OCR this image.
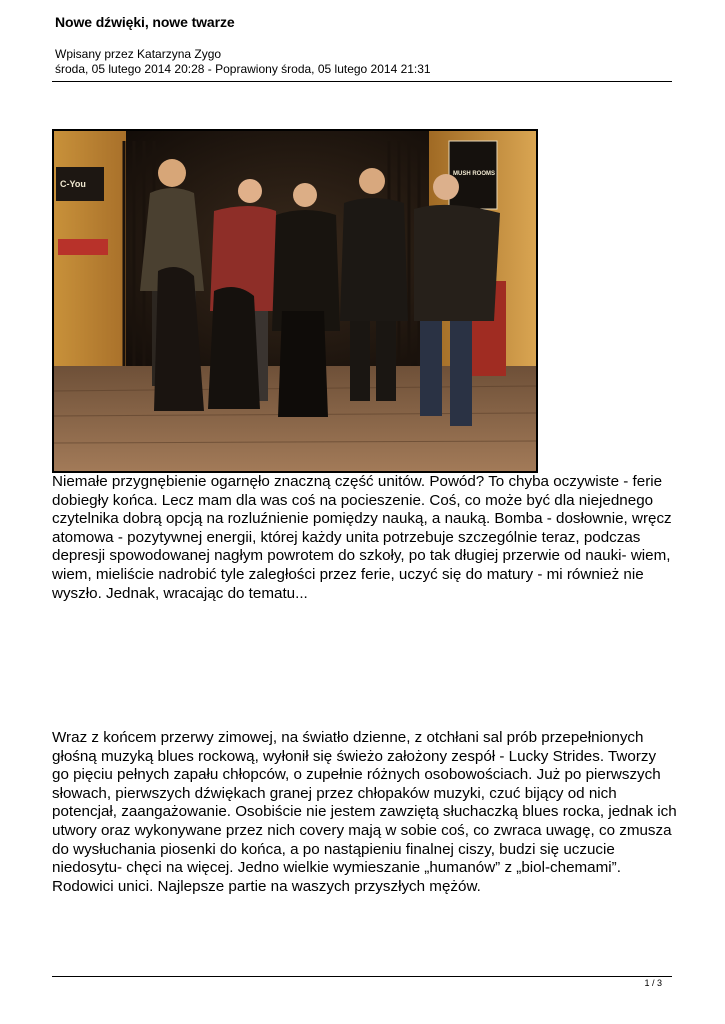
Nowe dźwięki, nowe twarze
Wpisany przez Katarzyna Zygo
środa, 05 lutego 2014 20:28 - Poprawiony środa, 05 lutego 2014 21:31
C-You
MUSH ROOMS

Niemałe przygnębienie ogarnęło znaczną część unitów. Powód? To chyba oczywiste - ferie dobiegły końca. Lecz mam dla was coś na pocieszenie. Coś, co może być dla niejednego czytelnika dobrą opcją na rozluźnienie pomiędzy nauką, a nauką. Bomba - dosłownie, wręcz atomowa - pozytywnej energii, której każdy unita potrzebuje szczególnie teraz, podczas depresji spowodowanej nagłym powrotem do szkoły, po tak długiej przerwie od nauki- wiem, wiem, mieliście nadrobić tyle zaległości przez ferie, uczyć się do matury - mi również nie wyszło. Jednak, wracając do tematu...

Wraz z końcem przerwy zimowej, na światło dzienne, z otchłani sal prób przepełnionych głośną muzyką blues rockową, wyłonił się świeżo założony zespół - Lucky Strides. Tworzy go pięciu pełnych zapału chłopców, o zupełnie różnych osobowościach. Już po pierwszych słowach, pierwszych dźwiękach granej przez chłopaków muzyki, czuć bijący od nich potencjał, zaangażowanie. Osobiście nie jestem zawziętą słuchaczką blues rocka, jednak ich utwory oraz wykonywane przez nich covery mają w sobie coś, co zwraca uwagę, co zmusza do wysłuchania piosenki do końca, a po nastąpieniu finalnej ciszy, budzi się uczucie niedosytu- chęci na więcej. Jedno wielkie wymieszanie „humanów” z „biol-chemami”. Rodowici unici. Najlepsze partie na waszych przyszłych mężów.

1 / 3
